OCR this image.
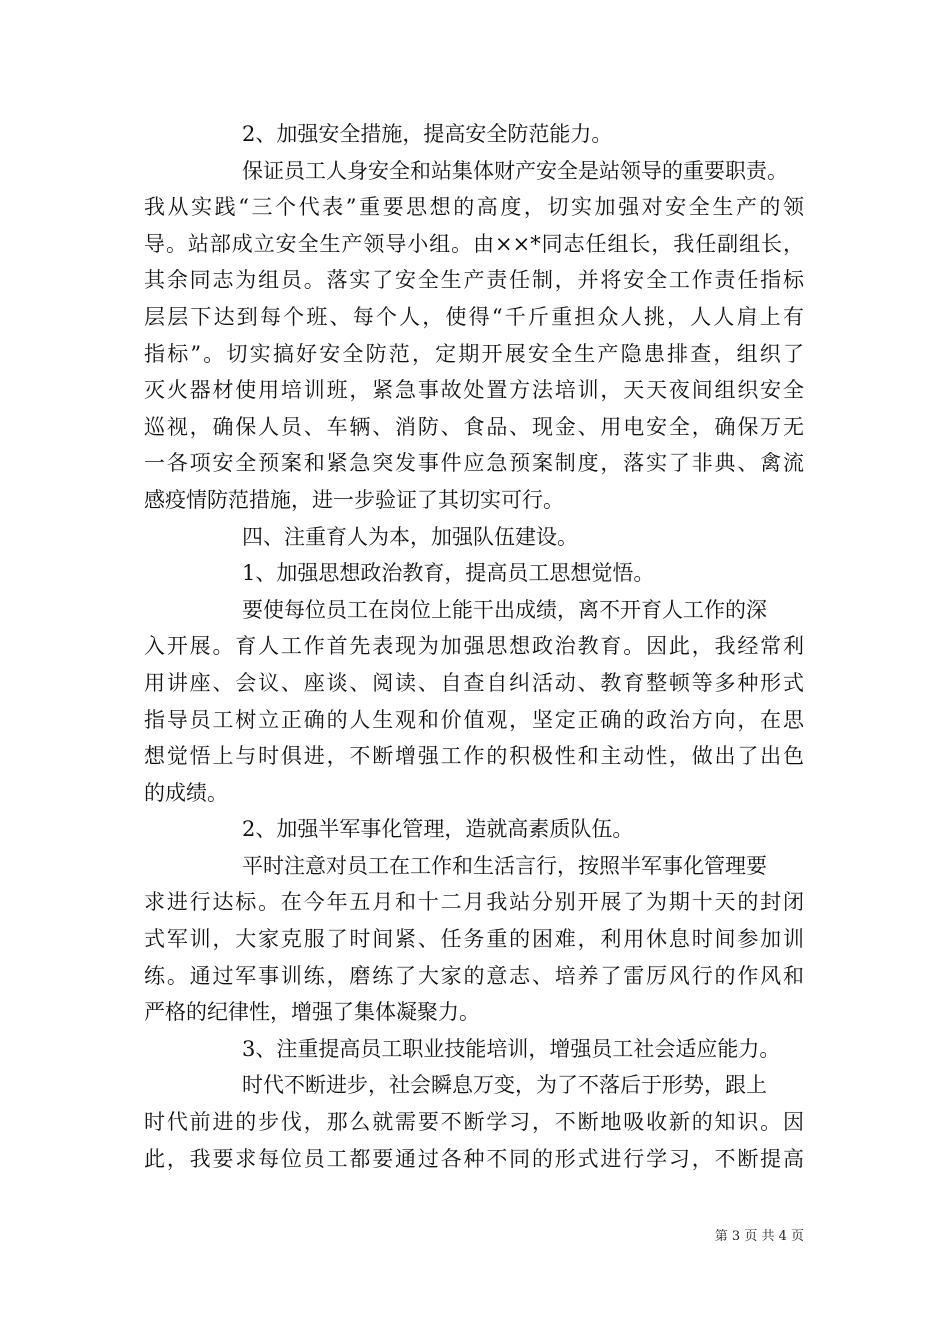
2、加强安全措施，提高安全防范能力。
保证员工人身安全和站集体财产安全是站领导的重要职责。
我从实践“三个代表”重要思想的高度，切实加强对安全生产的领
导。站部成立安全生产领导小组。由××*同志任组长，我任副组长，
其余同志为组员。落实了安全生产责任制，并将安全工作责任指标
层层下达到每个班、每个人，使得“千斤重担众人挑，人人肩上有
指标”。切实搞好安全防范，定期开展安全生产隐患排查，组织了
灭火器材使用培训班，紧急事故处置方法培训，天天夜间组织安全
巡视，确保人员、车辆、消防、食品、现金、用电安全，确保万无
一各项安全预案和紧急突发事件应急预案制度，落实了非典、禽流
感疫情防范措施，进一步验证了其切实可行。
四、注重育人为本，加强队伍建设。
1、加强思想政治教育，提高员工思想觉悟。
要使每位员工在岗位上能干出成绩，离不开育人工作的深
入开展。育人工作首先表现为加强思想政治教育。因此，我经常利
用讲座、会议、座谈、阅读、自查自纠活动、教育整顿等多种形式
指导员工树立正确的人生观和价值观，坚定正确的政治方向，在思
想觉悟上与时俱进，不断增强工作的积极性和主动性，做出了出色
的成绩。
2、加强半军事化管理，造就高素质队伍。
平时注意对员工在工作和生活言行，按照半军事化管理要
求进行达标。在今年五月和十二月我站分别开展了为期十天的封闭
式军训，大家克服了时间紧、任务重的困难，利用休息时间参加训
练。通过军事训练，磨练了大家的意志、培养了雷厉风行的作风和
严格的纪律性，增强了集体凝聚力。
3、注重提高员工职业技能培训，增强员工社会适应能力。
时代不断进步，社会瞬息万变，为了不落后于形势，跟上
时代前进的步伐，那么就需要不断学习，不断地吸收新的知识。因
此，我要求每位员工都要通过各种不同的形式进行学习，不断提高
第 3 页 共 4 页
